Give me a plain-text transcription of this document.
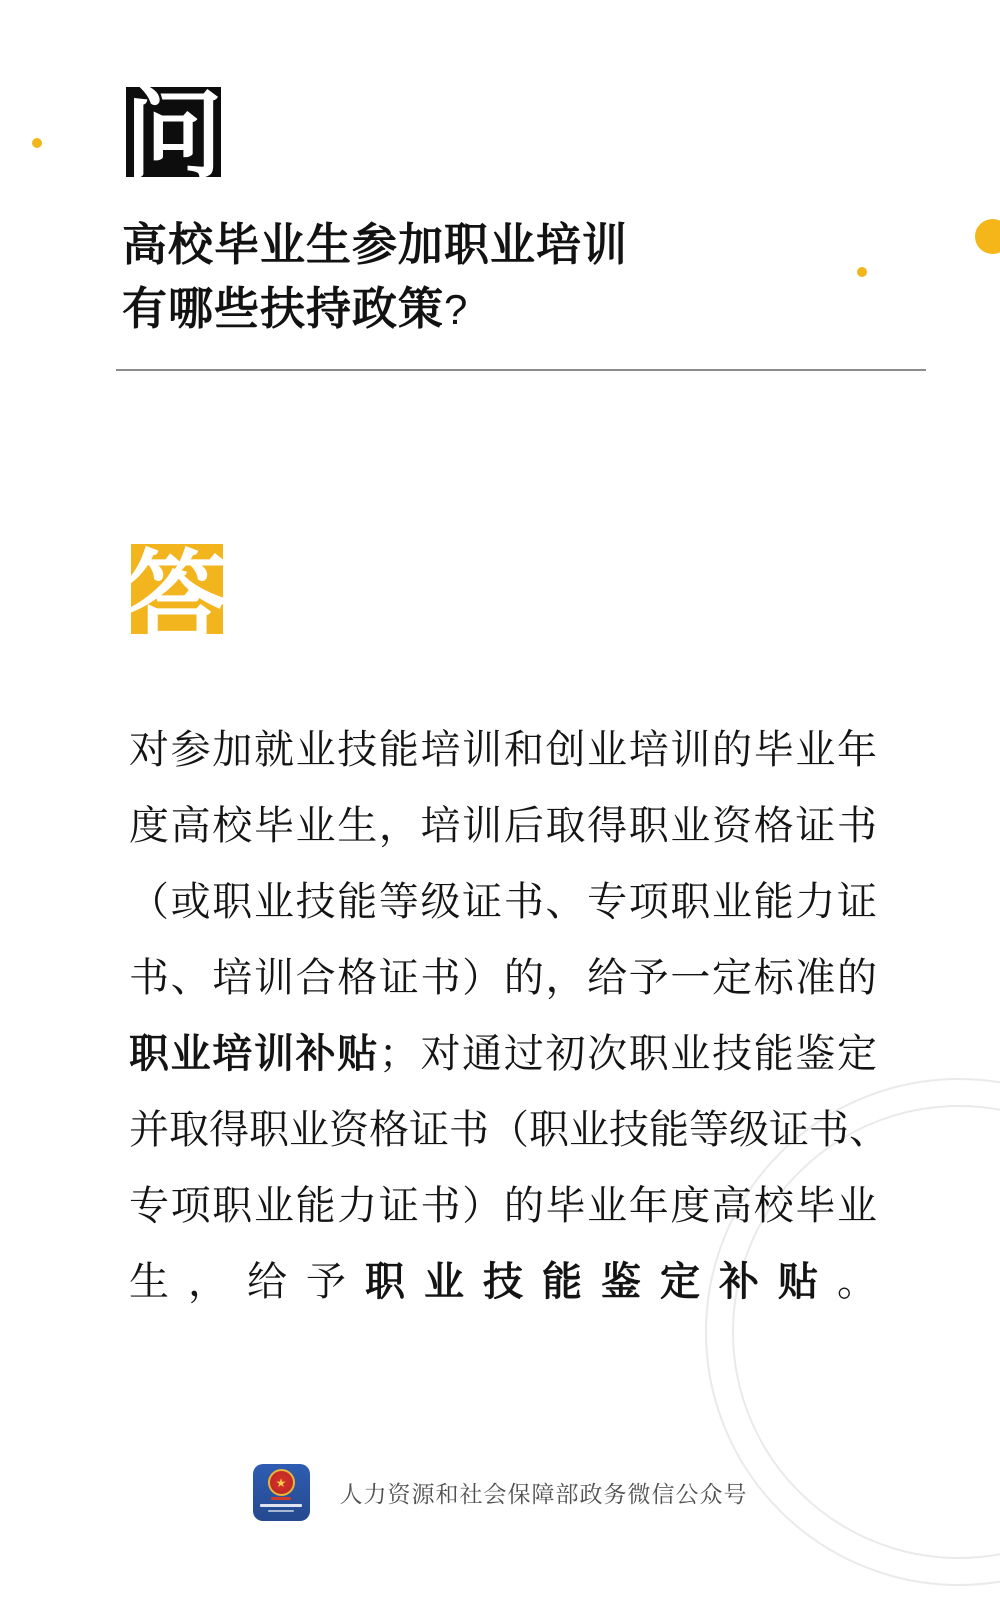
问
高校毕业生参加职业培训
有哪些扶持政策?
答
对参加就业技能培训和创业培训的毕业年
度高校毕业生，培训后取得职业资格证书
（或职业技能等级证书、专项职业能力证
书、培训合格证书）的，给予一定标准的
职业培训补贴；对通过初次职业技能鉴定
并取得职业资格证书（职业技能等级证书、
专项职业能力证书）的毕业年度高校毕业
生，给予职业技能鉴定补贴。
★ 人力资源和社会保障部政务微信公众号
